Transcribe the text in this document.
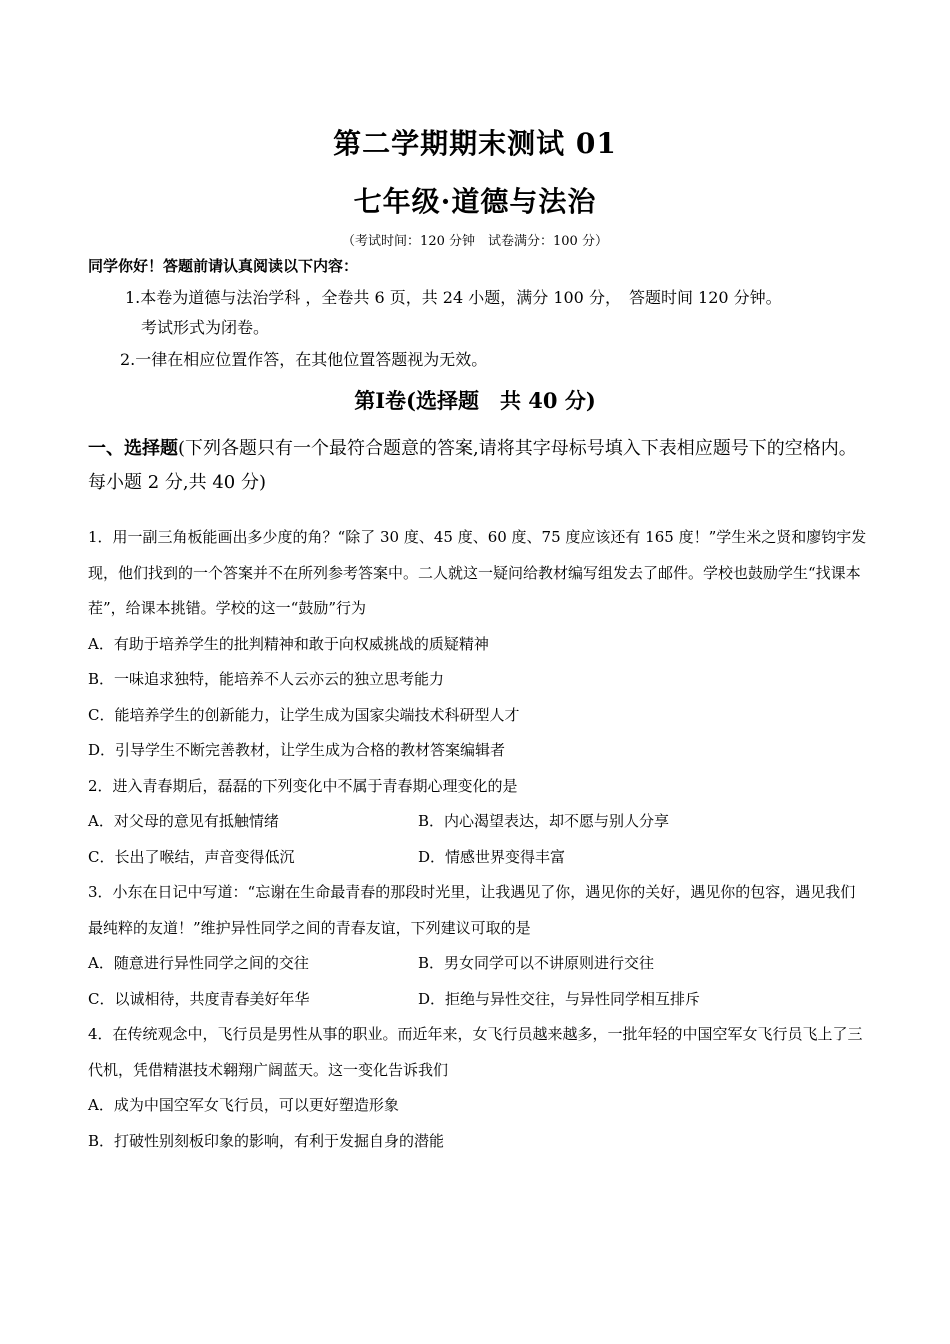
第二学期期末测试 01
七年级·道德与法治
（考试时间：120 分钟　试卷满分：100 分）
同学你好！答题前请认真阅读以下内容：
1.本卷为道德与法治学科 ，全卷共 6 页，共 24 小题，满分 100 分，　答题时间 120 分钟。
考试形式为闭卷。
2.一律在相应位置作答，在其他位置答题视为无效。
第Ⅰ卷(选择题　共 40 分)
一、选择题(下列各题只有一个最符合题意的答案,请将其字母标号填入下表相应题号下的空格内。每小题 2 分,共 40 分)

1．用一副三角板能画出多少度的角？“除了 30 度、45 度、60 度、75 度应该还有 165 度！”学生米之贤和廖钧宇发现，他们找到的一个答案并不在所列参考答案中。二人就这一疑问给教材编写组发去了邮件。学校也鼓励学生“找课本茬”，给课本挑错。学校的这一“鼓励”行为

A．有助于培养学生的批判精神和敢于向权威挑战的质疑精神

B．一味追求独特，能培养不人云亦云的独立思考能力

C．能培养学生的创新能力，让学生成为国家尖端技术科研型人才

D．引导学生不断完善教材，让学生成为合格的教材答案编辑者

2．进入青春期后，磊磊的下列变化中不属于青春期心理变化的是

A．对父母的意见有抵触情绪	B．内心渴望表达，却不愿与别人分享
C．长出了喉结，声音变得低沉	D．情感世界变得丰富

3．小东在日记中写道：“忘谢在生命最青春的那段时光里，让我遇见了你，遇见你的关好，遇见你的包容，遇见我们最纯粹的友道！”维护异性同学之间的青春友谊，下列建议可取的是

A．随意进行异性同学之间的交往	B．男女同学可以不讲原则进行交往
C．以诚相待，共度青春美好年华	D．拒绝与异性交往，与异性同学相互排斥

4．在传统观念中，飞行员是男性从事的职业。而近年来，女飞行员越来越多，一批年轻的中国空军女飞行员飞上了三代机，凭借精湛技术翱翔广阔蓝天。这一变化告诉我们

A．成为中国空军女飞行员，可以更好塑造形象

B．打破性别刻板印象的影响，有利于发掘自身的潜能
